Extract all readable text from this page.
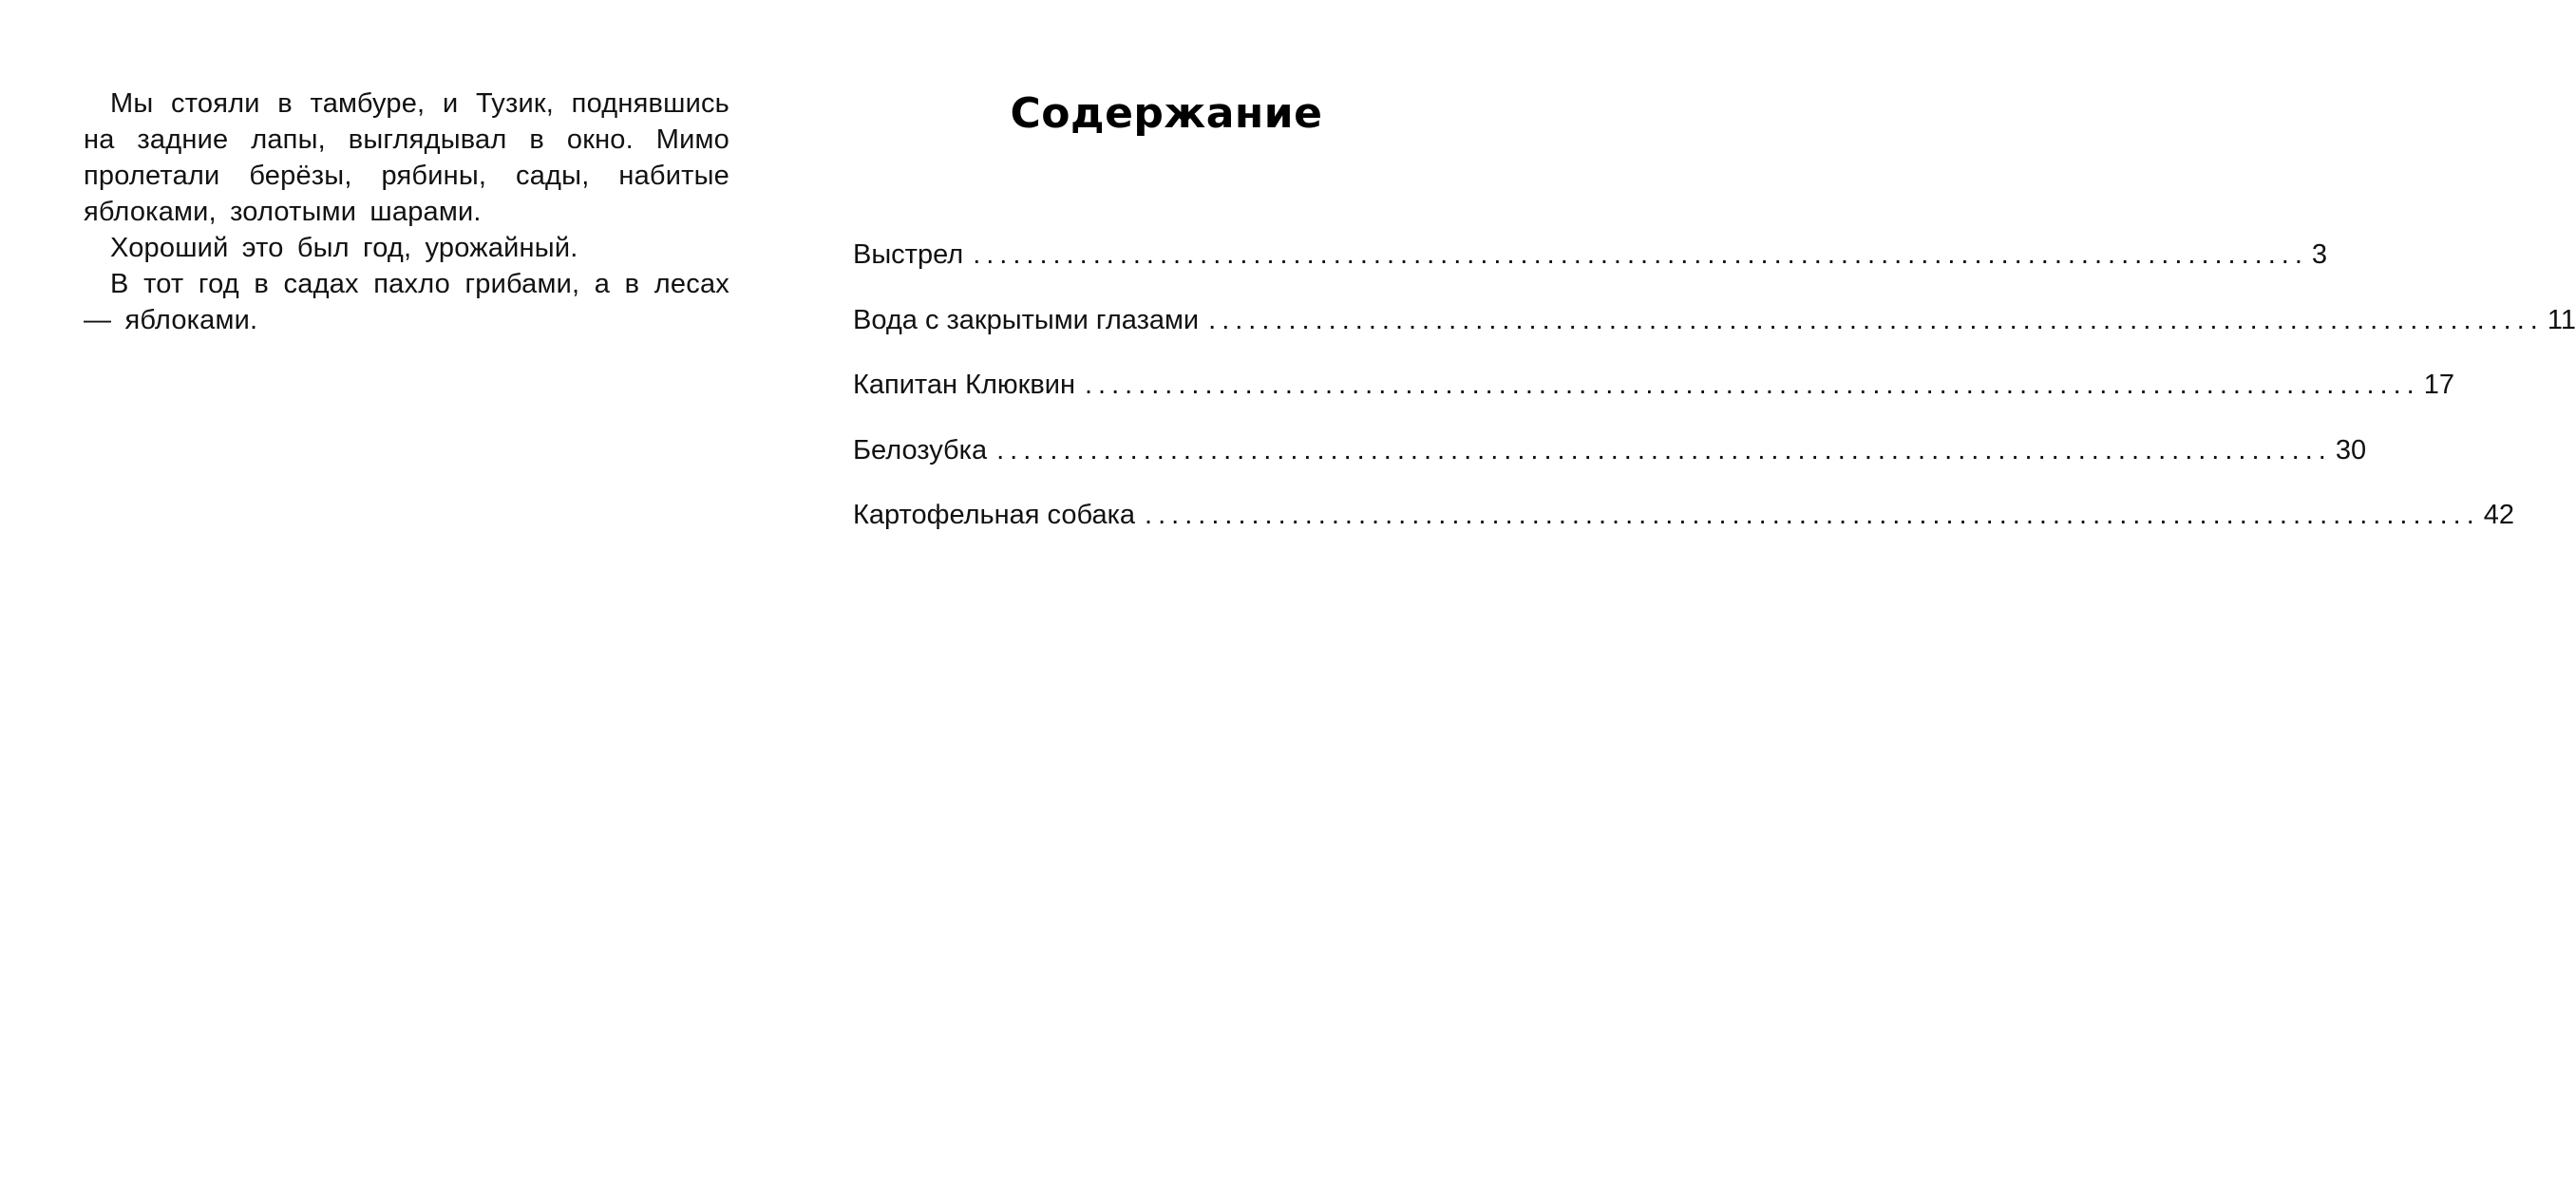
Мы стояли в тамбуре, и Тузик, поднявшись на задние лапы, выглядывал в окно. Мимо пролетали берёзы, рябины, сады, набитые яблоками, золотыми шарами.

Хороший это был год, урожайный.

В тот год в садах пахло грибами, а в лесах — яблоками.

Содержание
Выстрел .................................................................................................... 3
Вода с закрытыми глазами .................................................................................................... 11
Капитан Клюквин .................................................................................................... 17
Белозубка .................................................................................................... 30
Картофельная собака .................................................................................................... 42
